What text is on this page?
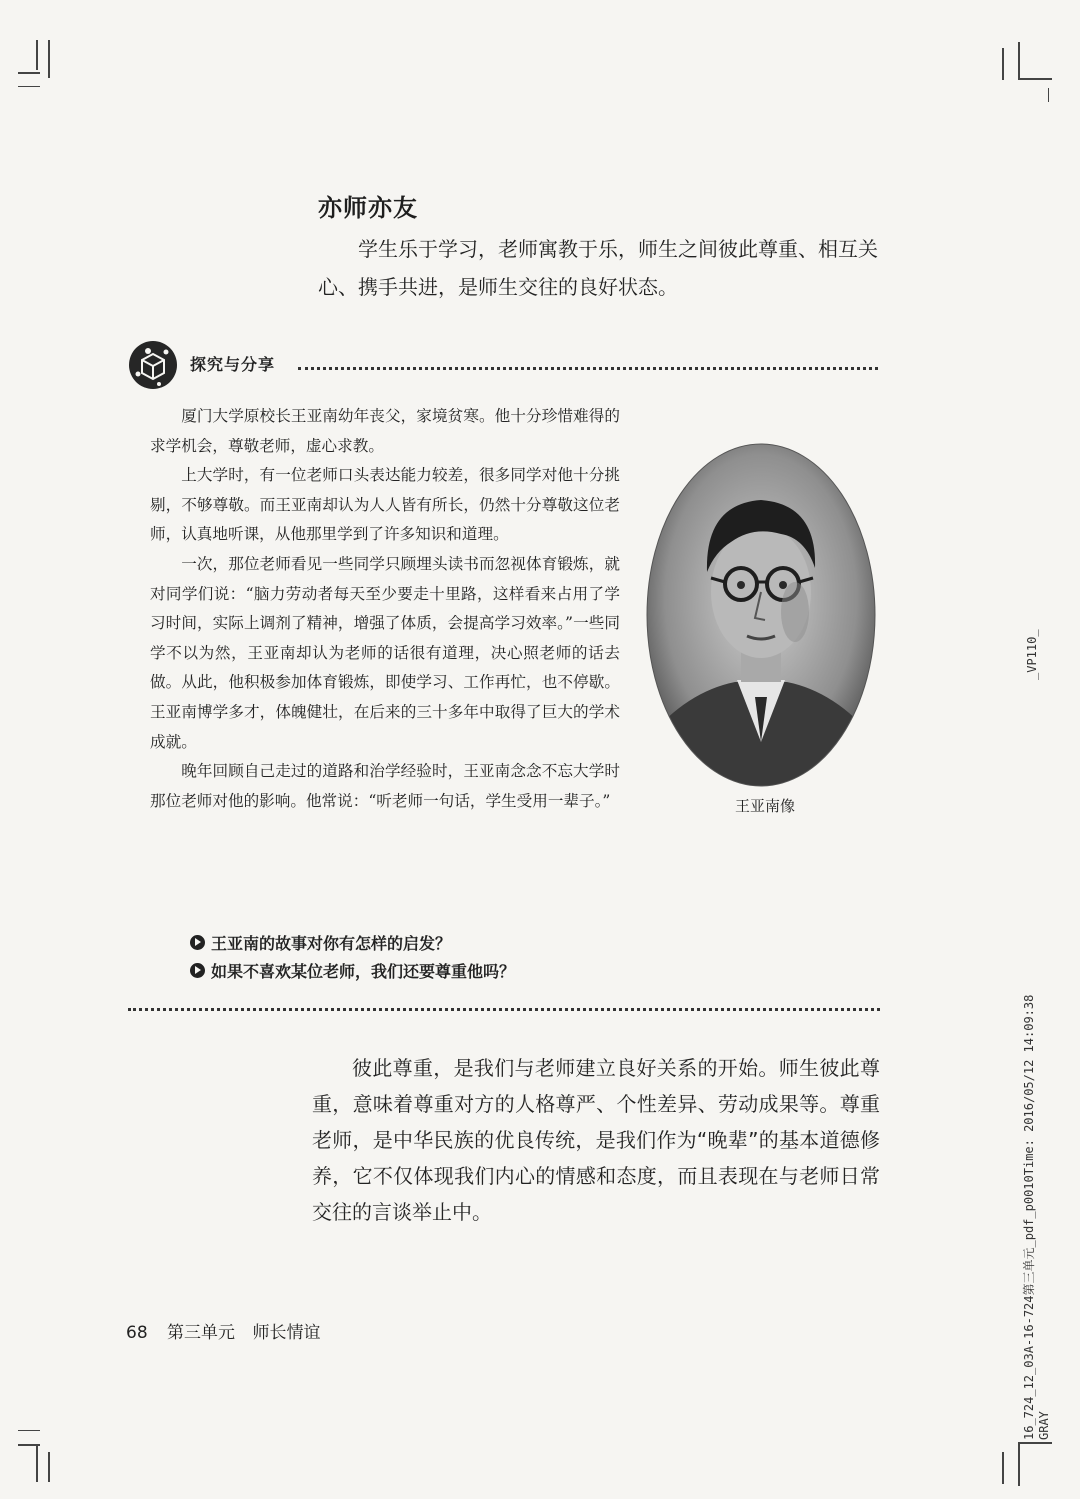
亦师亦友

学生乐于学习，老师寓教于乐，师生之间彼此尊重、相互关心、携手共进，是师生交往的良好状态。

探究与分享

厦门大学原校长王亚南幼年丧父，家境贫寒。他十分珍惜难得的求学机会，尊敬老师，虚心求教。

上大学时，有一位老师口头表达能力较差，很多同学对他十分挑剔，不够尊敬。而王亚南却认为人人皆有所长，仍然十分尊敬这位老师，认真地听课，从他那里学到了许多知识和道理。

一次，那位老师看见一些同学只顾埋头读书而忽视体育锻炼，就对同学们说：“脑力劳动者每天至少要走十里路，这样看来占用了学习时间，实际上调剂了精神，增强了体质，会提高学习效率。”一些同学不以为然，王亚南却认为老师的话很有道理，决心照老师的话去做。从此，他积极参加体育锻炼，即使学习、工作再忙，也不停歇。王亚南博学多才，体魄健壮，在后来的三十多年中取得了巨大的学术成就。

晚年回顾自己走过的道路和治学经验时，王亚南念念不忘大学时那位老师对他的影响。他常说：“听老师一句话，学生受用一辈子。”	王亚南像
王亚南的故事对你有怎样的启发？
如果不喜欢某位老师，我们还要尊重他吗？

彼此尊重，是我们与老师建立良好关系的开始。师生彼此尊重，意味着尊重对方的人格尊严、个性差异、劳动成果等。尊重老师，是中华民族的优良传统，是我们作为“晚辈”的基本道德修养，它不仅体现我们内心的情感和态度，而且表现在与老师日常交往的言谈举止中。

68 第三单元 师长情谊
_VP110_
16_724_12_03A-16-724第三单元_pdf_p0010Time: 2016/05/12 14:09:38 GRAY
